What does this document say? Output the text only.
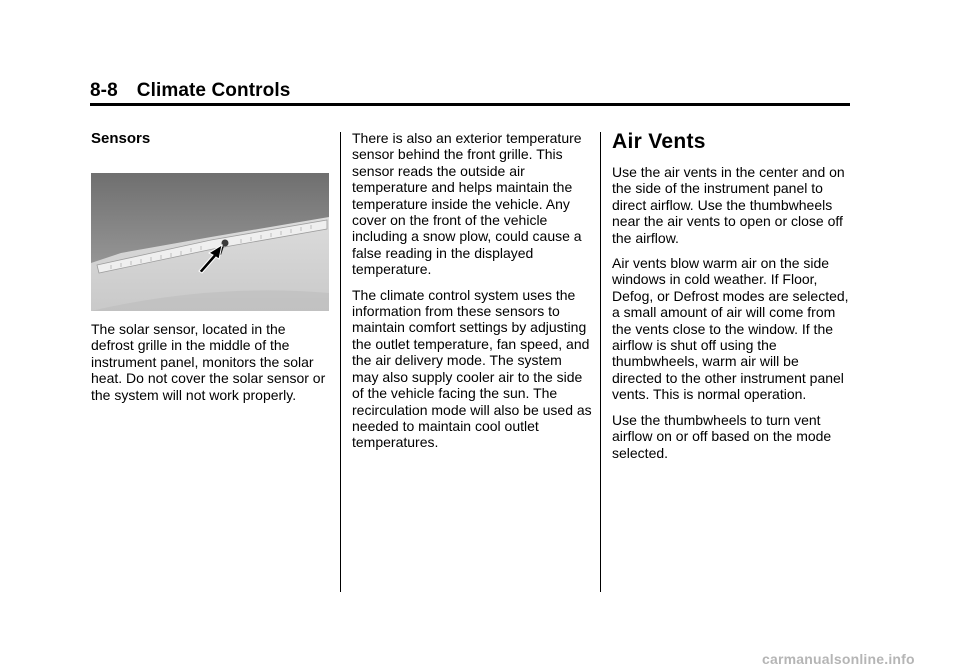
8-8 Climate Controls
Sensors

The solar sensor, located in the defrost grille in the middle of the instrument panel, monitors the solar heat. Do not cover the solar sensor or the system will not work properly.

There is also an exterior temperature sensor behind the front grille. This sensor reads the outside air temperature and helps maintain the temperature inside the vehicle. Any cover on the front of the vehicle including a snow plow, could cause a false reading in the displayed temperature.

The climate control system uses the information from these sensors to maintain comfort settings by adjusting the outlet temperature, fan speed, and the air delivery mode. The system may also supply cooler air to the side of the vehicle facing the sun. The recirculation mode will also be used as needed to maintain cool outlet temperatures.

Air Vents

Use the air vents in the center and on the side of the instrument panel to direct airflow. Use the thumbwheels near the air vents to open or close off the airflow.

Air vents blow warm air on the side windows in cold weather. If Floor, Defog, or Defrost modes are selected, a small amount of air will come from the vents close to the window. If the airflow is shut off using the thumbwheels, warm air will be directed to the other instrument panel vents. This is normal operation.

Use the thumbwheels to turn vent airflow on or off based on the mode selected.

carmanualsonline.info
